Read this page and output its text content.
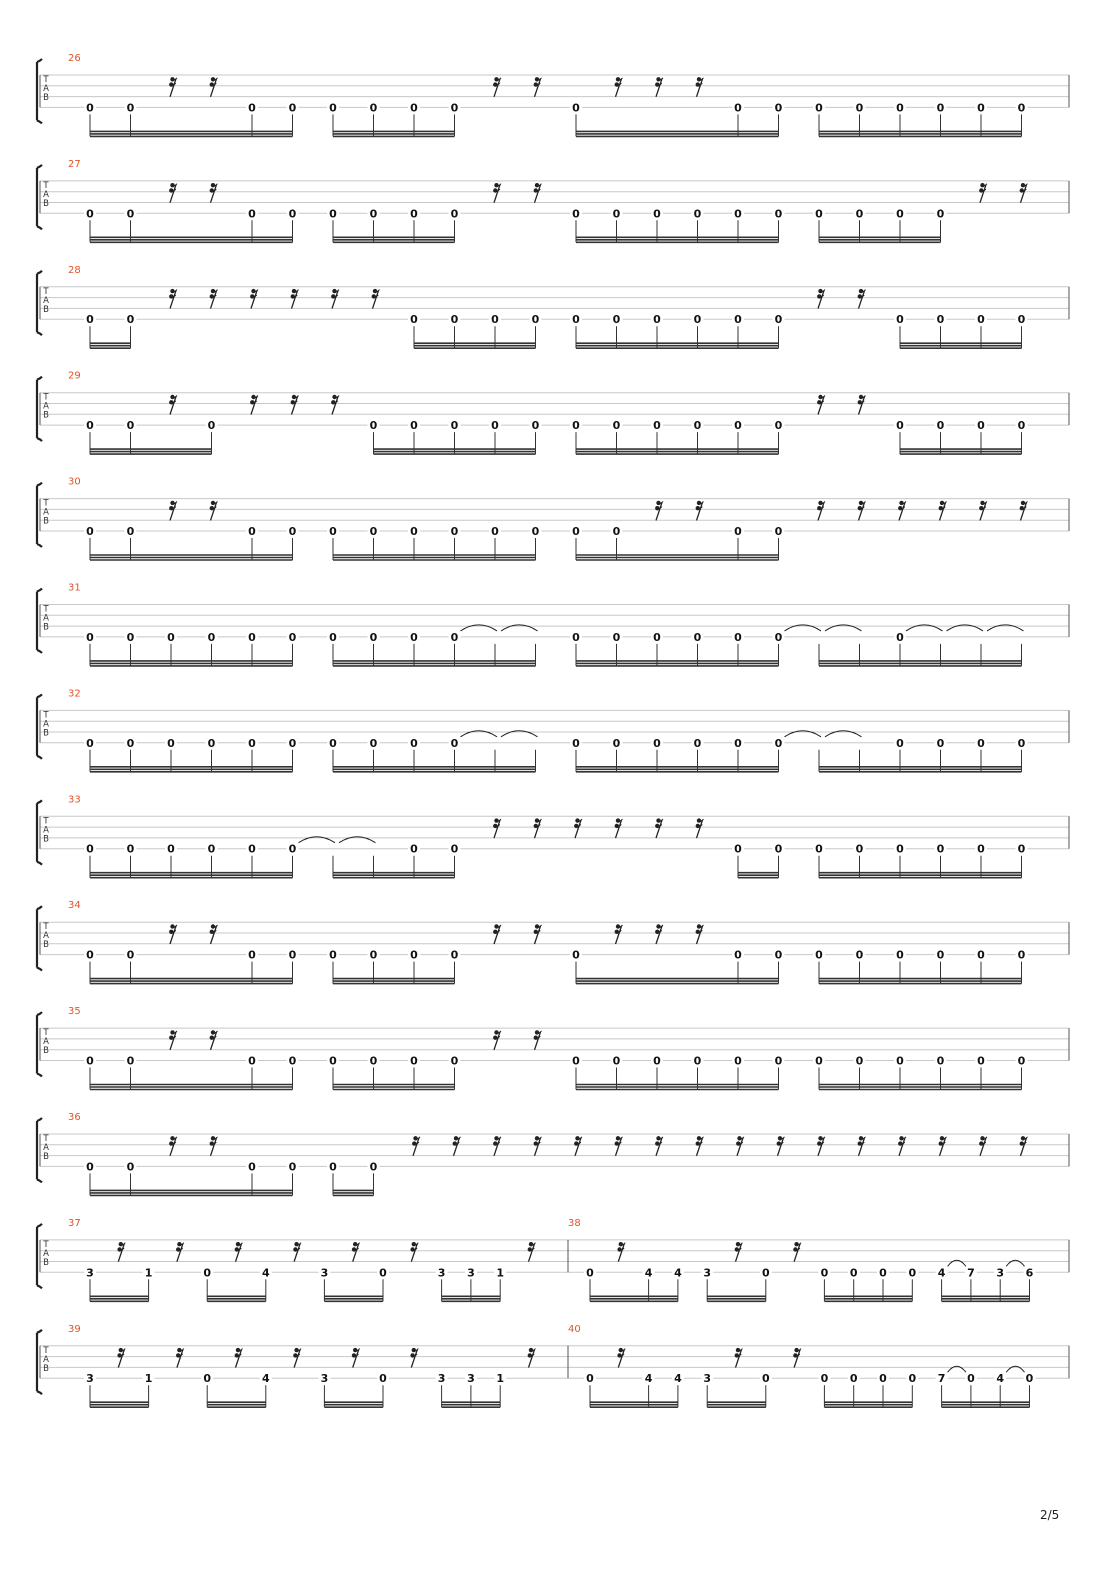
T
A
B
26
0	0	0	0	0	0	0	0	0	0	0	0	0	0	0	0	0
T
A
B
27
0	0	0	0	0	0	0	0	0	0	0	0	0	0	0	0	0	0
T
A
B
28
0	0	0	0	0	0	0	0	0	0	0	0	0	0	0	0
T
A
B
29
0	0	0	0	0	0	0	0	0	0	0	0	0	0	0	0	0	0
T
A
B
30
0	0	0	0	0	0	0	0	0	0	0	0	0	0
T
A
B
31
0	0	0	0	0	0	0	0	0	0	0	0	0	0	0	0	0
T
A
B
32
0	0	0	0	0	0	0	0	0	0	0	0	0	0	0	0	0	0	0	0
T
A
B
33
0	0	0	0	0	0	0	0	0	0	0	0	0	0	0	0
T
A
B
34
0	0	0	0	0	0	0	0	0	0	0	0	0	0	0	0	0
T
A
B
35
0	0	0	0	0	0	0	0	0	0	0	0	0	0	0	0	0	0	0	0
T
A
B
36
0	0	0	0	0	0
T
A
B
37
3	1	0	4	3	0	3 3 1
38
0	4 4 3	0	0 0 0 0 4 7 3 6
T
A
B
39
3	1	0	4	3	0	3 3 1
40
0	4 4 3	0	0 0 0 0 7 0 4 0
2/5
